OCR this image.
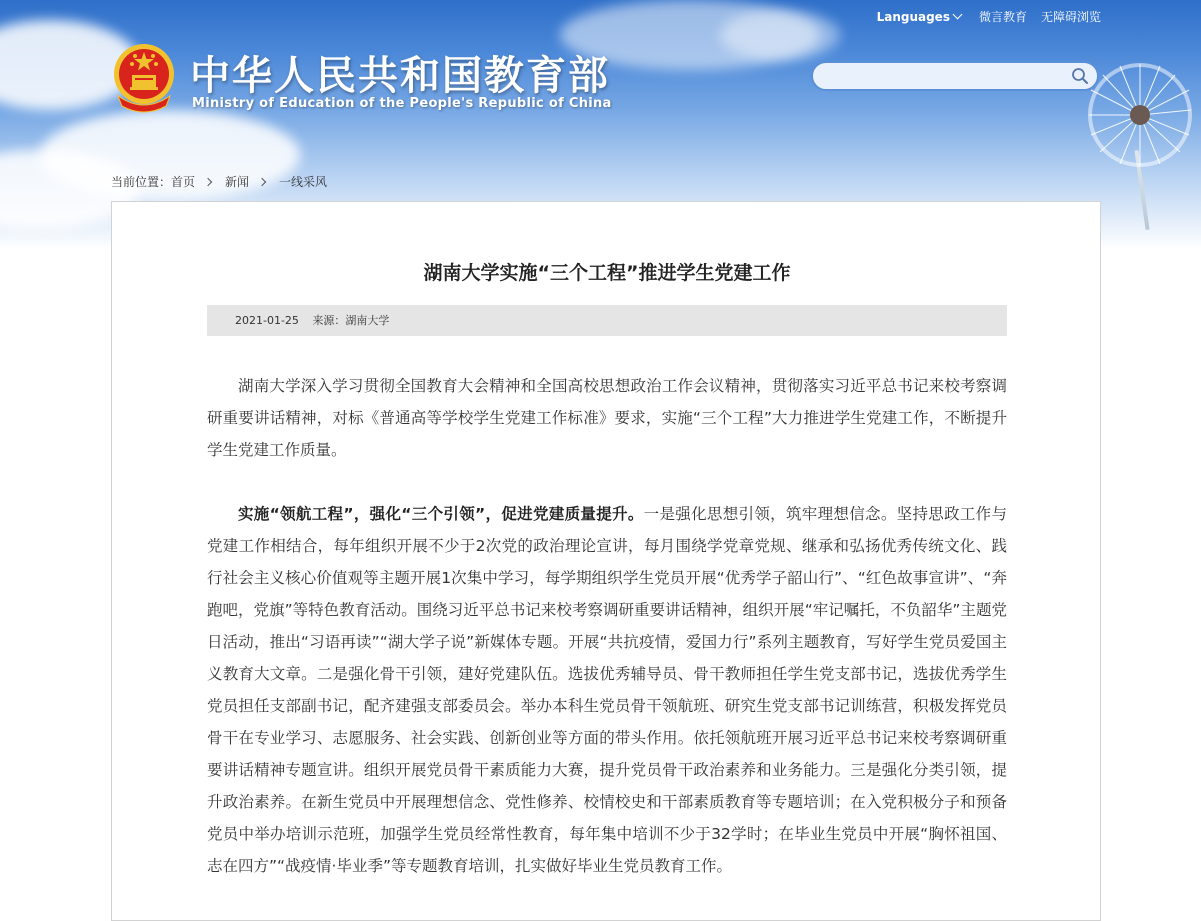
中华人民共和国教育部
Ministry of Education of the People's Republic of China
Languages 微言教育 无障碍浏览
当前位置： 首页	新闻	一线采风
湖南大学实施“三个工程”推进学生党建工作
2021-01-25 来源：湖南大学

湖南大学深入学习贯彻全国教育大会精神和全国高校思想政治工作会议精神，贯彻落实习近平总书记来校考察调研重要讲话精神，对标《普通高等学校学生党建工作标准》要求，实施“三个工程”大力推进学生党建工作，不断提升学生党建工作质量。

实施“领航工程”，强化“三个引领”，促进党建质量提升。一是强化思想引领，筑牢理想信念。坚持思政工作与党建工作相结合，每年组织开展不少于2次党的政治理论宣讲，每月围绕学党章党规、继承和弘扬优秀传统文化、践行社会主义核心价值观等主题开展1次集中学习，每学期组织学生党员开展“优秀学子韶山行”、“红色故事宣讲”、“奔跑吧，党旗”等特色教育活动。围绕习近平总书记来校考察调研重要讲话精神，组织开展“牢记嘱托，不负韶华”主题党日活动，推出“习语再读”“湖大学子说”新媒体专题。开展“共抗疫情，爱国力行”系列主题教育，写好学生党员爱国主义教育大文章。二是强化骨干引领，建好党建队伍。选拔优秀辅导员、骨干教师担任学生党支部书记，选拔优秀学生党员担任支部副书记，配齐建强支部委员会。举办本科生党员骨干领航班、研究生党支部书记训练营，积极发挥党员骨干在专业学习、志愿服务、社会实践、创新创业等方面的带头作用。依托领航班开展习近平总书记来校考察调研重要讲话精神专题宣讲。组织开展党员骨干素质能力大赛，提升党员骨干政治素养和业务能力。三是强化分类引领，提升政治素养。在新生党员中开展理想信念、党性修养、校情校史和干部素质教育等专题培训；在入党积极分子和预备党员中举办培训示范班，加强学生党员经常性教育，每年集中培训不少于32学时；在毕业生党员中开展“胸怀祖国、志在四方”“战疫情·毕业季”等专题教育培训，扎实做好毕业生党员教育工作。
